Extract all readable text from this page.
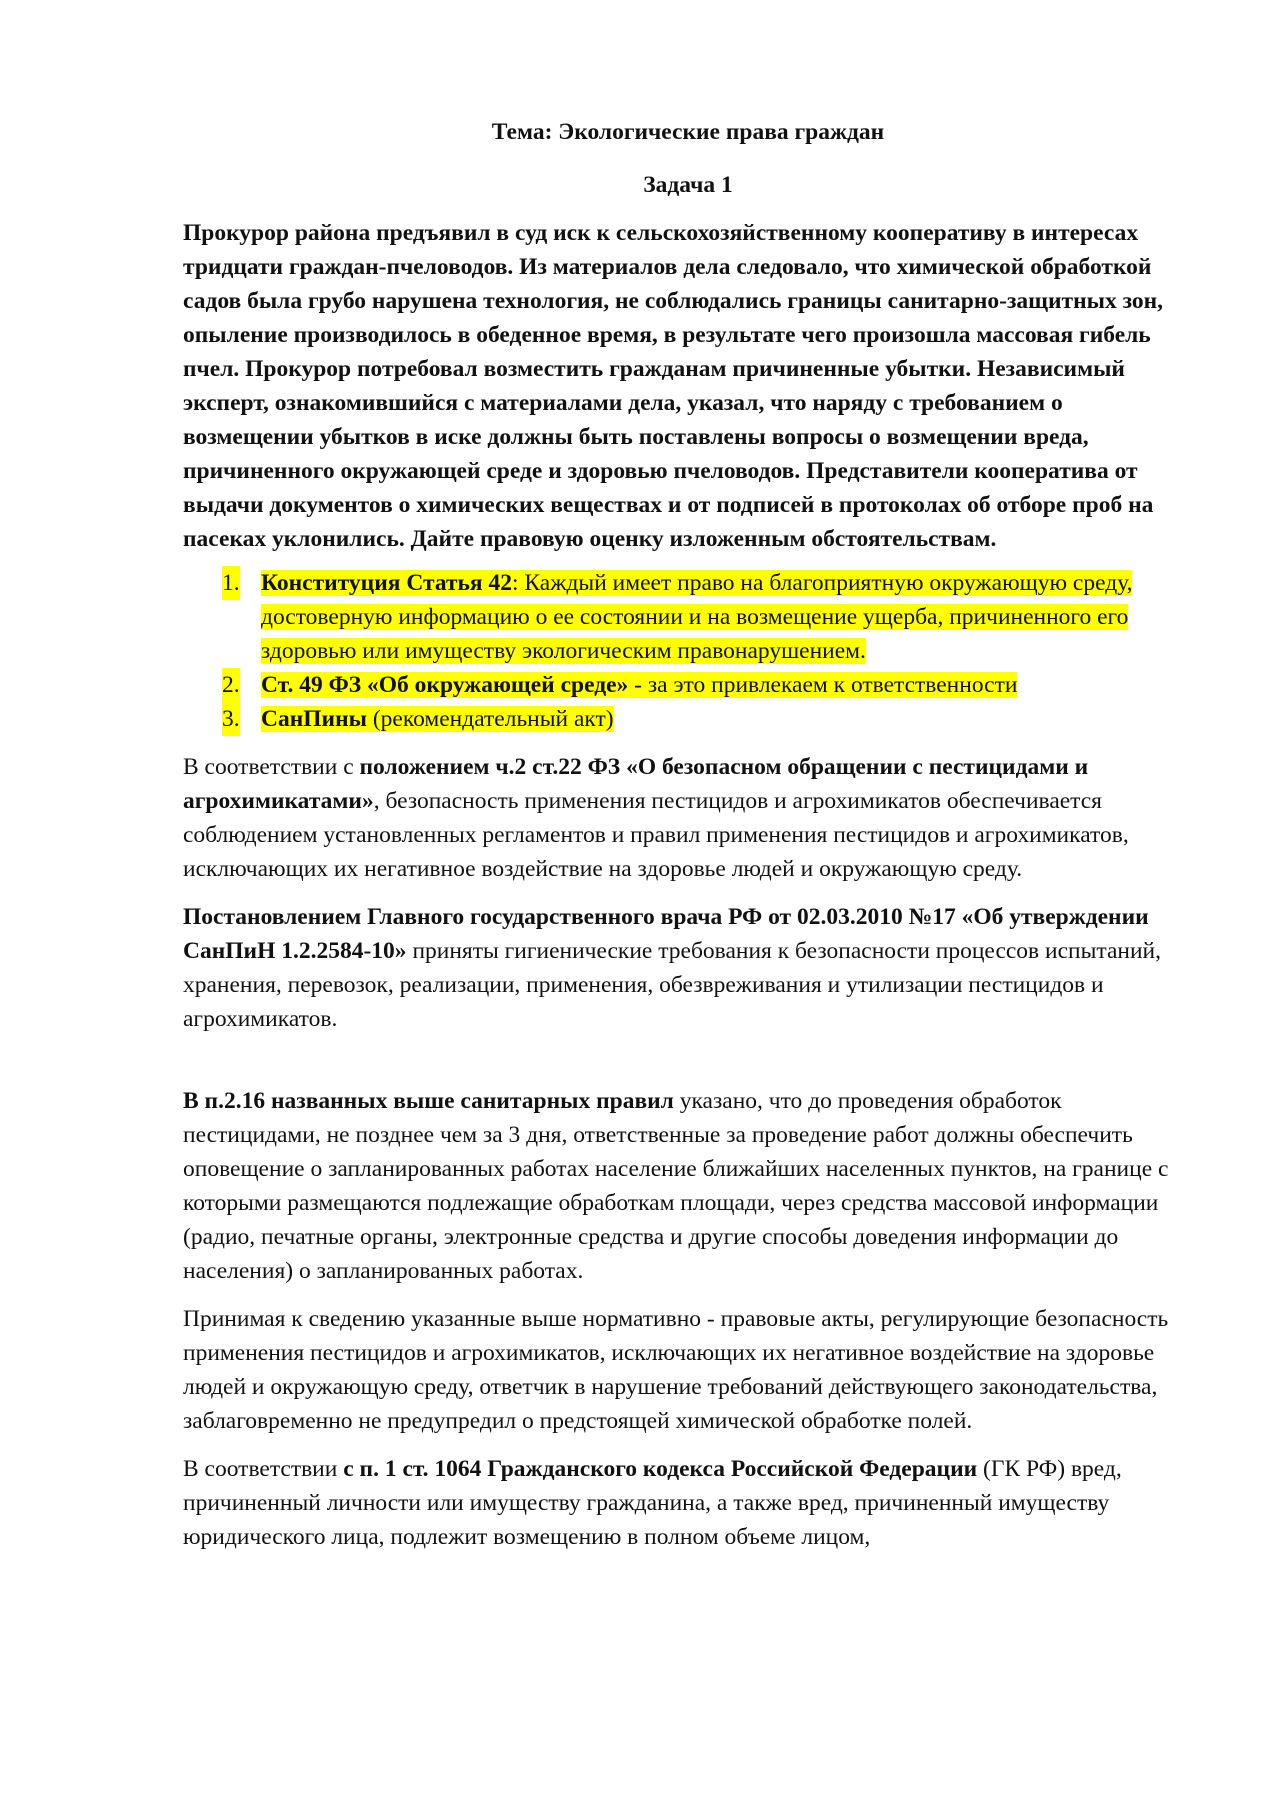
Тема: Экологические права граждан

Задача 1

Прокурор района предъявил в суд иск к сельскохозяйственному кооперативу в интересах тридцати граждан-пчеловодов. Из материалов дела следовало, что химической обработкой садов была грубо нарушена технология, не соблюдались границы санитарно-защитных зон, опыление производилось в обеденное время, в результате чего произошла массовая гибель пчел. Прокурор потребовал возместить гражданам причиненные убытки. Независимый эксперт, ознакомившийся с материалами дела, указал, что наряду с требованием о возмещении убытков в иске должны быть поставлены вопросы о возмещении вреда, причиненного окружающей среде и здоровью пчеловодов. Представители кооператива от выдачи документов о химических веществах и от подписей в протоколах об отборе проб на пасеках уклонились. Дайте правовую оценку изложенным обстоятельствам.

1. Конституция Статья 42: Каждый имеет право на благоприятную окружающую среду, достоверную информацию о ее состоянии и на возмещение ущерба, причиненного его здоровью или имуществу экологическим правонарушением.
2. Ст. 49 ФЗ «Об окружающей среде» - за это привлекаем к ответственности
3. СанПины (рекомендательный акт)

В соответствии с положением ч.2 ст.22 ФЗ «О безопасном обращении с пестицидами и агрохимикатами», безопасность применения пестицидов и агрохимикатов обеспечивается соблюдением установленных регламентов и правил применения пестицидов и агрохимикатов, исключающих их негативное воздействие на здоровье людей и окружающую среду.

Постановлением Главного государственного врача РФ от 02.03.2010 №17 «Об утверждении СанПиН 1.2.2584-10» приняты гигиенические требования к безопасности процессов испытаний, хранения, перевозок, реализации, применения, обезвреживания и утилизации пестицидов и агрохимикатов.

В п.2.16 названных выше санитарных правил указано, что до проведения обработок пестицидами, не позднее чем за 3 дня, ответственные за проведение работ должны обеспечить оповещение о запланированных работах население ближайших населенных пунктов, на границе с которыми размещаются подлежащие обработкам площади, через средства массовой информации (радио, печатные органы, электронные средства и другие способы доведения информации до населения) о запланированных работах.

Принимая к сведению указанные выше нормативно - правовые акты, регулирующие безопасность применения пестицидов и агрохимикатов, исключающих их негативное воздействие на здоровье людей и окружающую среду, ответчик в нарушение требований действующего законодательства, заблаговременно не предупредил о предстоящей химической обработке полей.

В соответствии с п. 1 ст. 1064 Гражданского кодекса Российской Федерации (ГК РФ) вред, причиненный личности или имуществу гражданина, а также вред, причиненный имуществу юридического лица, подлежит возмещению в полном объеме лицом,
